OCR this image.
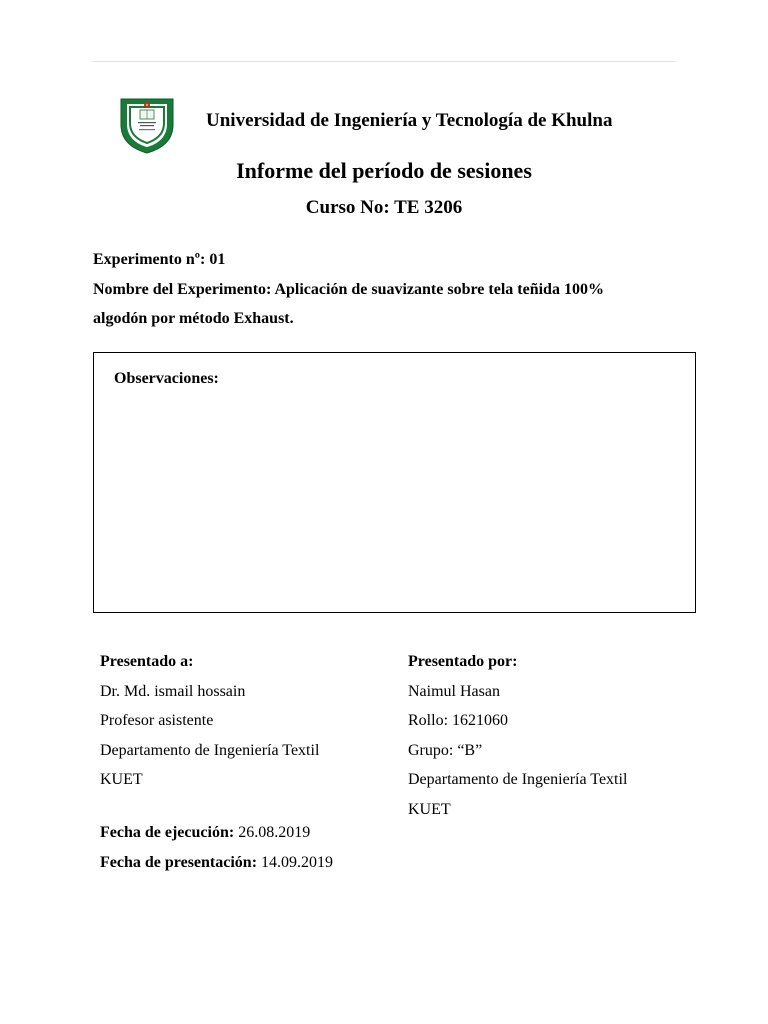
Universidad de Ingeniería y Tecnología de Khulna
Informe del período de sesiones
Curso No: TE 3206

Experimento nº: 01

Nombre del Experimento: Aplicación de suavizante sobre tela teñida 100%

algodón por método Exhaust.

Observaciones:
Presentado a:
Dr. Md. ismail hossain
Profesor asistente
Departamento de Ingeniería Textil
KUET
Presentado por:
Naimul Hasan
Rollo: 1621060
Grupo: “B”
Departamento de Ingeniería Textil
KUET
Fecha de ejecución: 26.08.2019
Fecha de presentación: 14.09.2019
